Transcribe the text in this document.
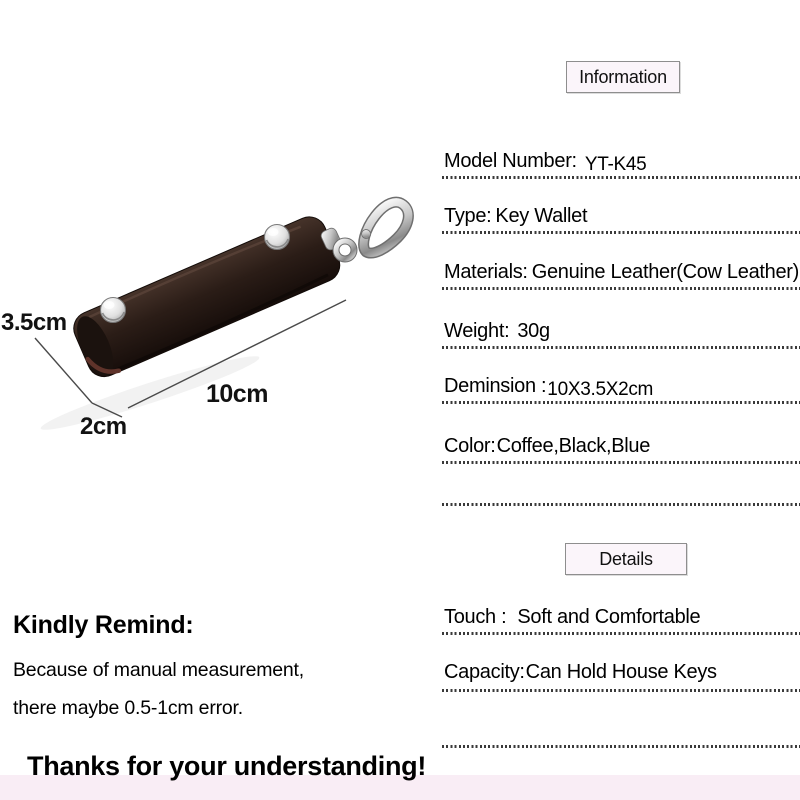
3.5cm
2cm
10cm
Information
Model Number: YT-K45
Type: Key Wallet
Materials: Genuine Leather(Cow Leather)
Weight: 30g
Deminsion :10X3.5X2cm
Color:Coffee,Black,Blue
Details
Touch : Soft and Comfortable
Capacity:Can Hold House Keys
Kindly Remind:
Because of manual measurement,
there maybe 0.5-1cm error.
Thanks for your understanding!
